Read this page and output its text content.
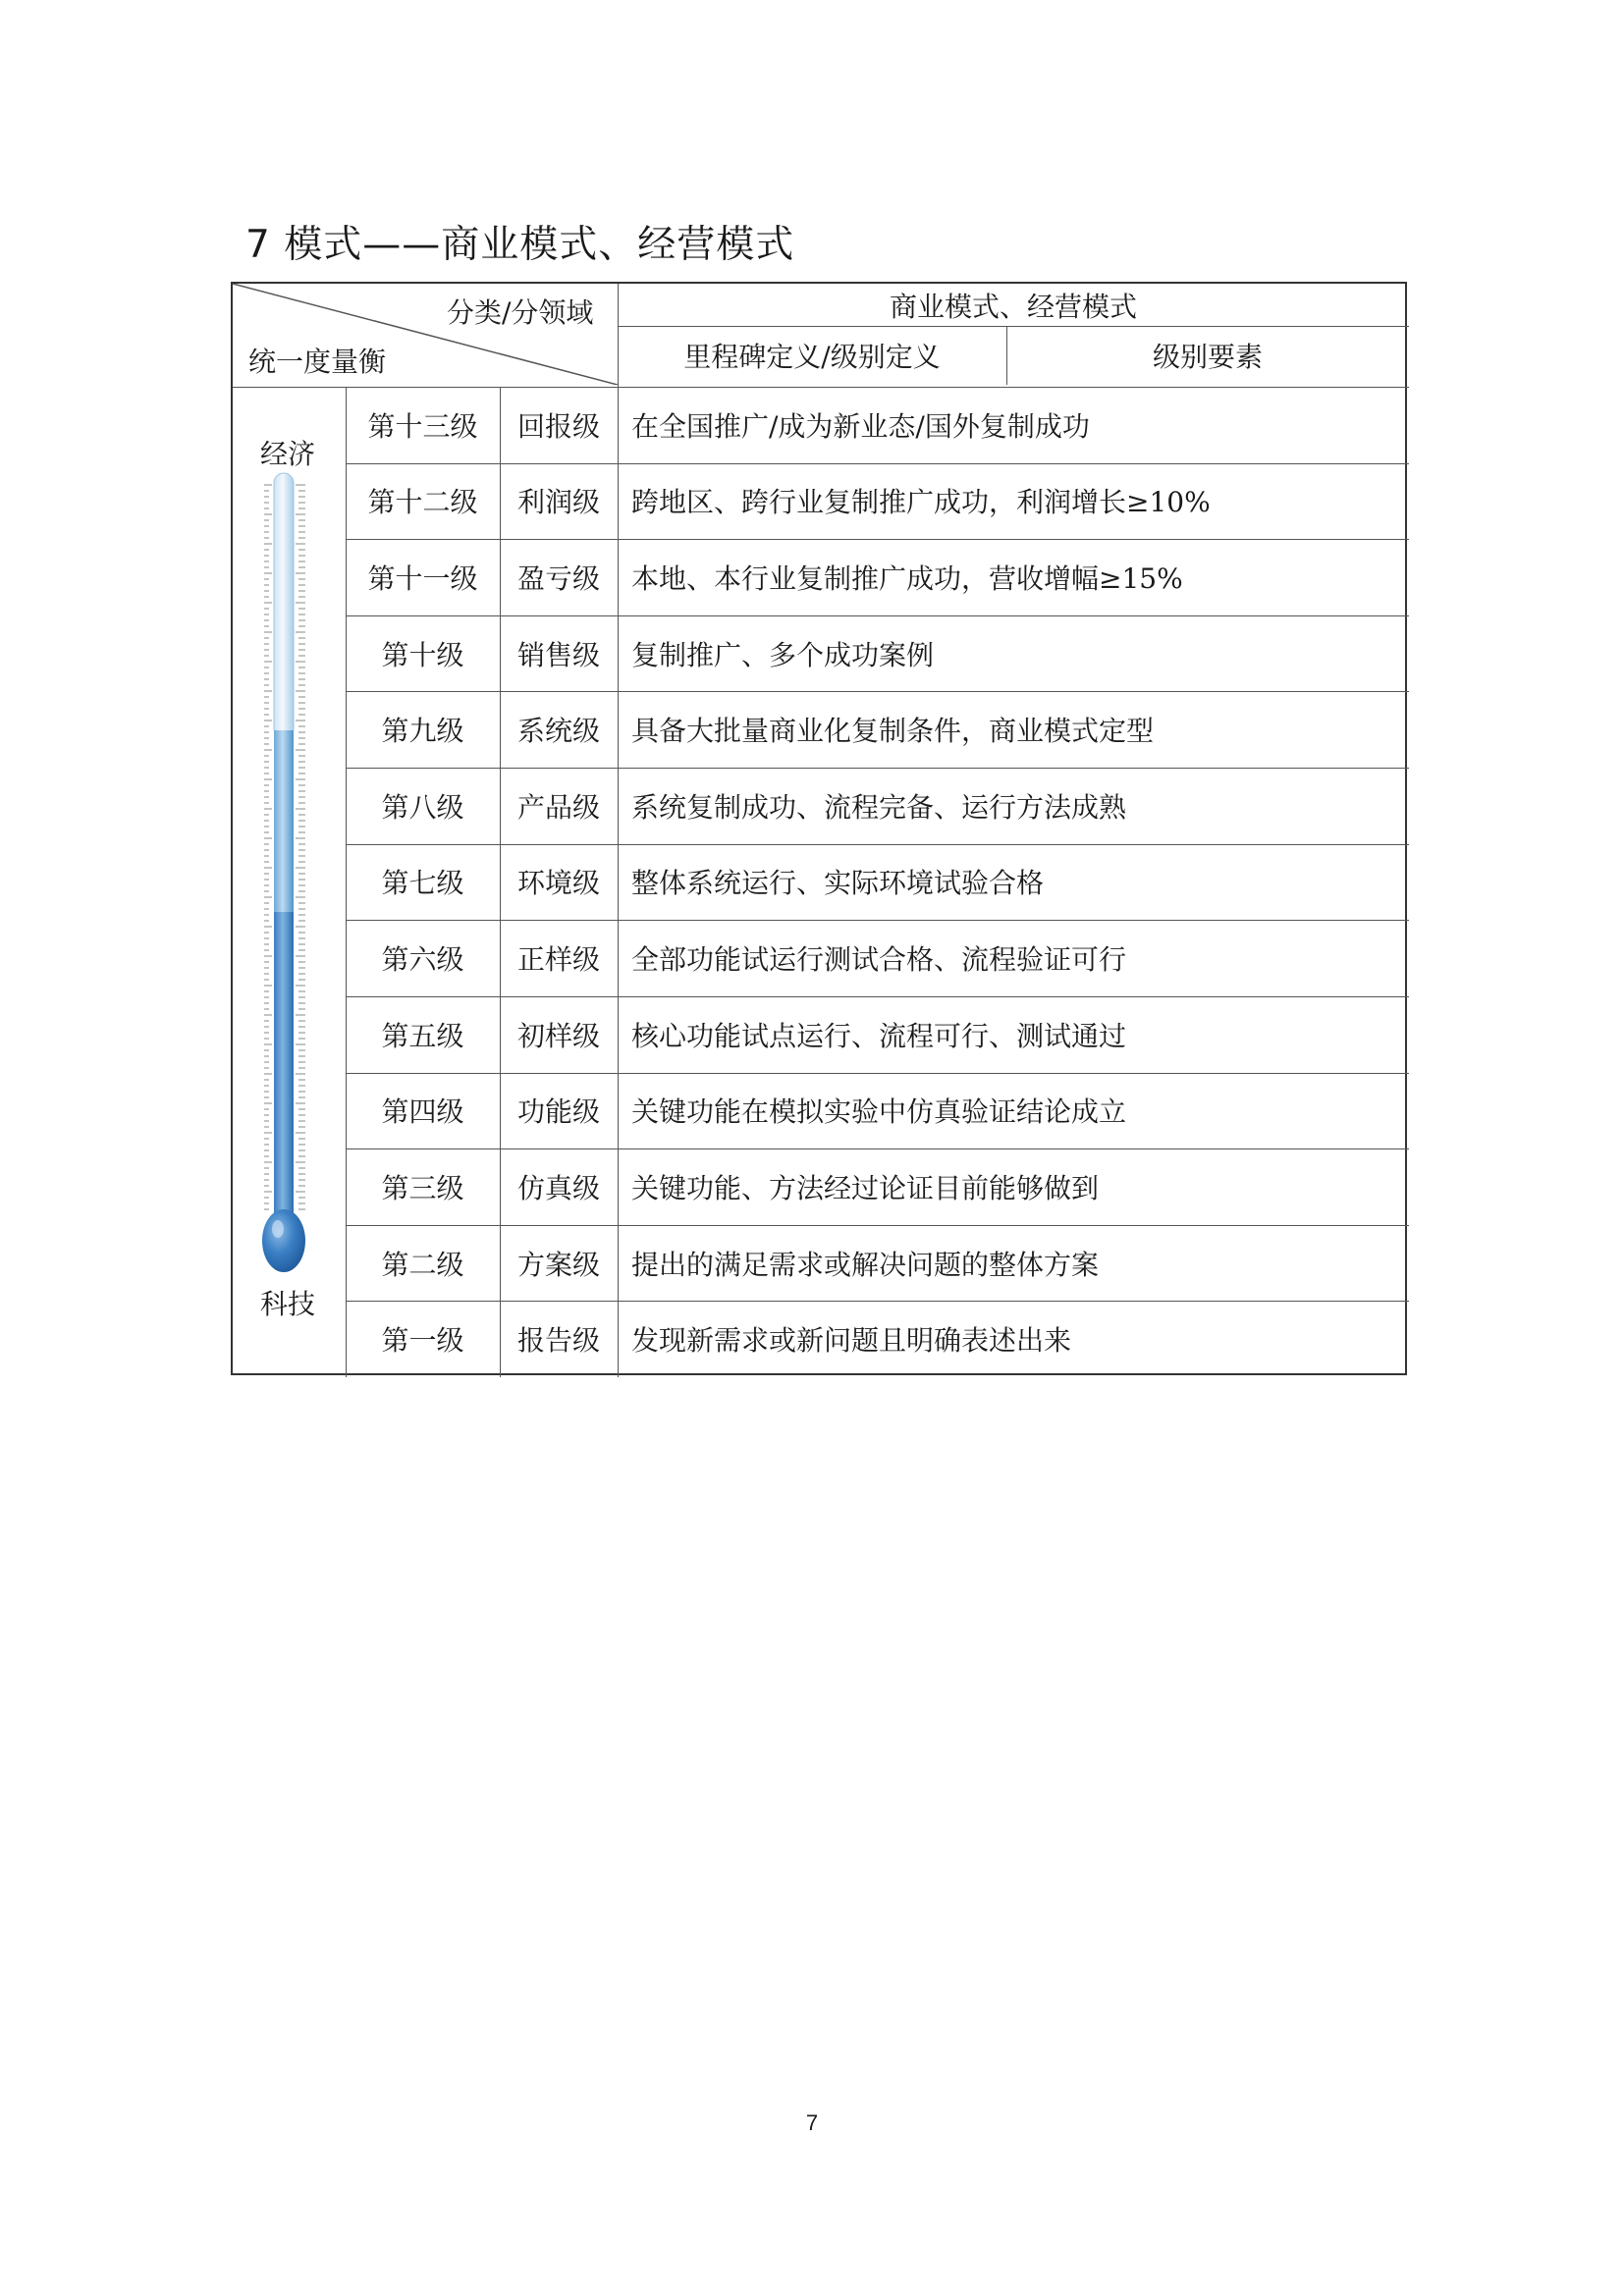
7 模式——商业模式、经营模式
分类/分领域
统一度量衡
商业模式、经营模式
里程碑定义/级别定义	级别要素
经济
科技
第十三级	回报级	在全国推广/成为新业态/国外复制成功
第十二级	利润级	跨地区、跨行业复制推广成功，利润增长≥10%
第十一级	盈亏级	本地、本行业复制推广成功，营收增幅≥15%
第十级	销售级	复制推广、多个成功案例
第九级	系统级	具备大批量商业化复制条件，商业模式定型
第八级	产品级	系统复制成功、流程完备、运行方法成熟
第七级	环境级	整体系统运行、实际环境试验合格
第六级	正样级	全部功能试运行测试合格、流程验证可行
第五级	初样级	核心功能试点运行、流程可行、测试通过
第四级	功能级	关键功能在模拟实验中仿真验证结论成立
第三级	仿真级	关键功能、方法经过论证目前能够做到
第二级	方案级	提出的满足需求或解决问题的整体方案
第一级	报告级	发现新需求或新问题且明确表述出来
7
